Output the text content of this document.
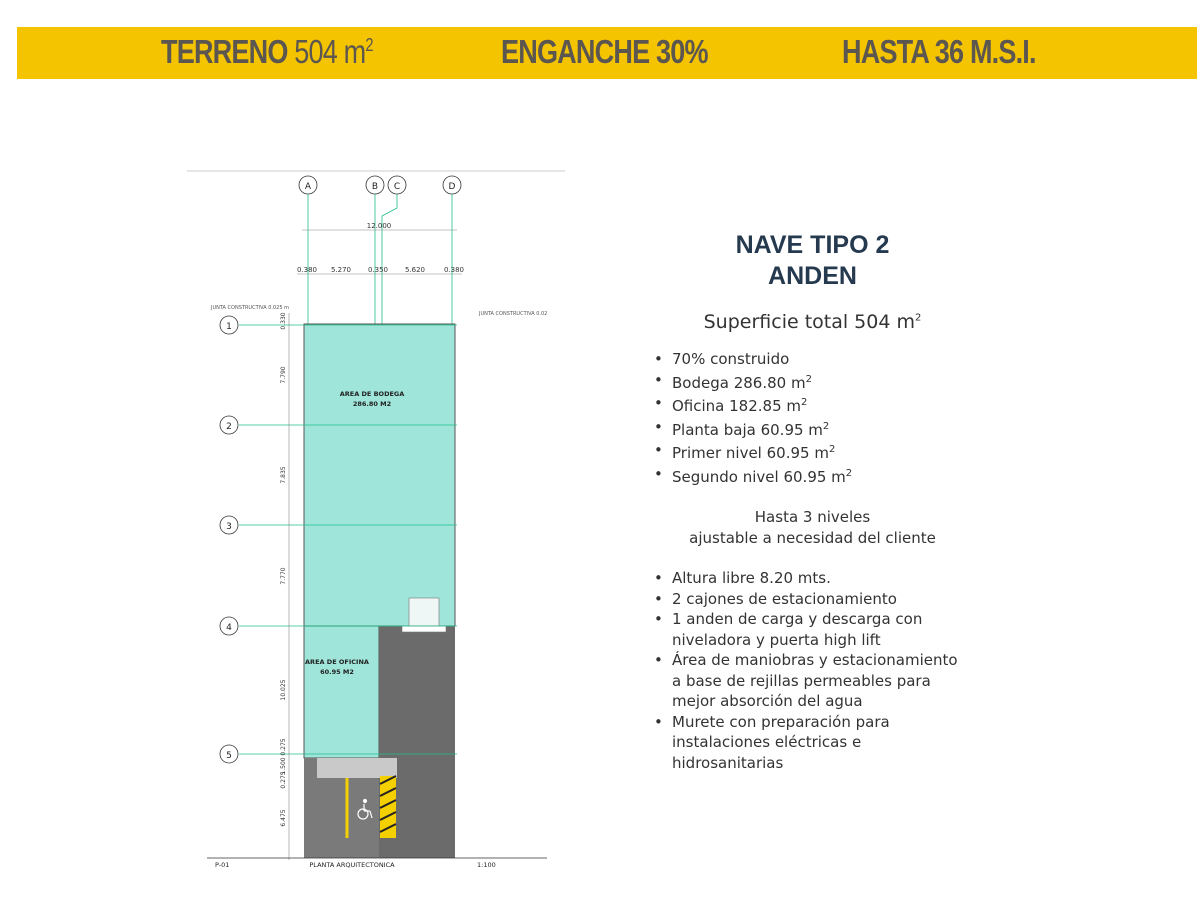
TERRENO 504 $m^2$	ENGANCHE 30%	HASTA 36 M.S.I.
A	B C	D
12.000
0.380 5.270 0.350 5.620	0.380
JUNTA CONSTRUCTIVA 0.025 m
JUNTA CONSTRUCTIVA 0.02
1
2
3
4
5
0.330
7.790
7.835
7.770
10.025
0.275
1.500
0.275
6.475
AREA DE BODEGA
286.80 M2
AREA DE OFICINA
60.95 M2
P-01	PLANTA ARQUITECTONICA	1:100
NAVE TIPO 2
ANDEN
Superficie total 504 $m^2$
• 70% construido
• Bodega 286.80 $m^2$
• Oficina 182.85 $m^2$
• Planta baja 60.95 $m^2$
• Primer nivel 60.95 $m^2$
• Segundo nivel 60.95 $m^2$
Hasta 3 niveles
ajustable a necesidad del cliente
• Altura libre 8.20 mts.
• 2 cajones de estacionamiento
• 1 anden de carga y descarga con niveladora y puerta high lift
• Área de maniobras y estacionamiento a base de rejillas permeables para mejor absorción del agua
• Murete con preparación para instalaciones eléctricas e hidrosanitarias
